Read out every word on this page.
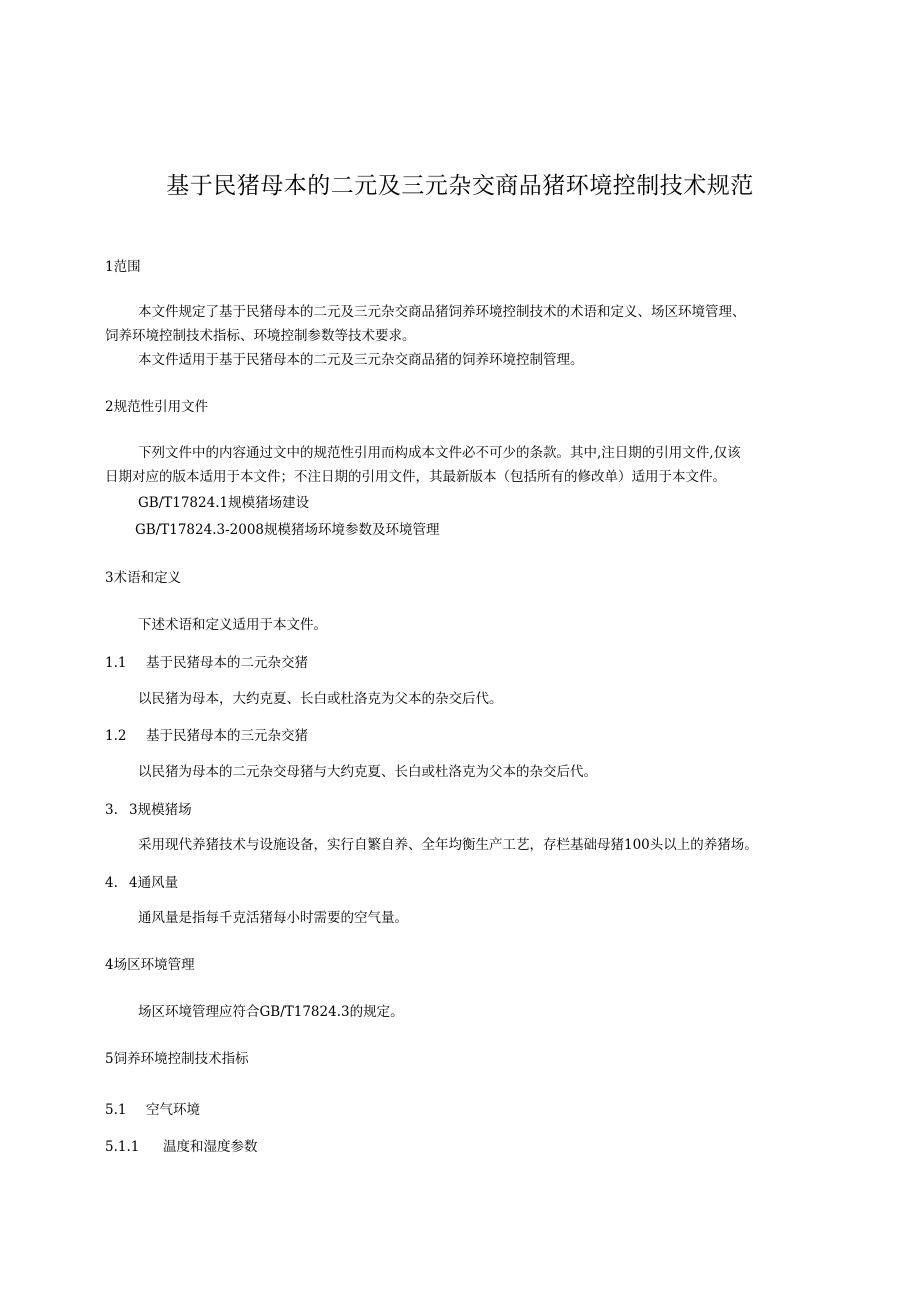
基于民猪母本的二元及三元杂交商品猪环境控制技术规范
1范围
本文件规定了基于民猪母本的二元及三元杂交商品猪饲养环境控制技术的术语和定义、场区环境管理、
饲养环境控制技术指标、环境控制参数等技术要求。
本文件适用于基于民猪母本的二元及三元杂交商品猪的饲养环境控制管理。
2规范性引用文件
下列文件中的内容通过文中的规范性引用而构成本文件必不可少的条款。其中,注日期的引用文件,仅该
日期对应的版本适用于本文件；不注日期的引用文件，其最新版本（包括所有的修改单）适用于本文件。
GB/T17824.1规模猪场建设
GB/T17824.3-2008规模猪场环境参数及环境管理
3术语和定义
下述术语和定义适用于本文件。
1.1 基于民猪母本的二元杂交猪
以民猪为母本，大约克夏、长白或杜洛克为父本的杂交后代。
1.2 基于民猪母本的三元杂交猪
以民猪为母本的二元杂交母猪与大约克夏、长白或杜洛克为父本的杂交后代。
3. 3规模猪场
采用现代养猪技术与设施设备，实行自繁自养、全年均衡生产工艺，存栏基础母猪100头以上的养猪场。
4. 4通风量
通风量是指每千克活猪每小时需要的空气量。
4场区环境管理
场区环境管理应符合GB/T17824.3的规定。
5饲养环境控制技术指标
5.1 空气环境
5.1.1 温度和湿度参数
